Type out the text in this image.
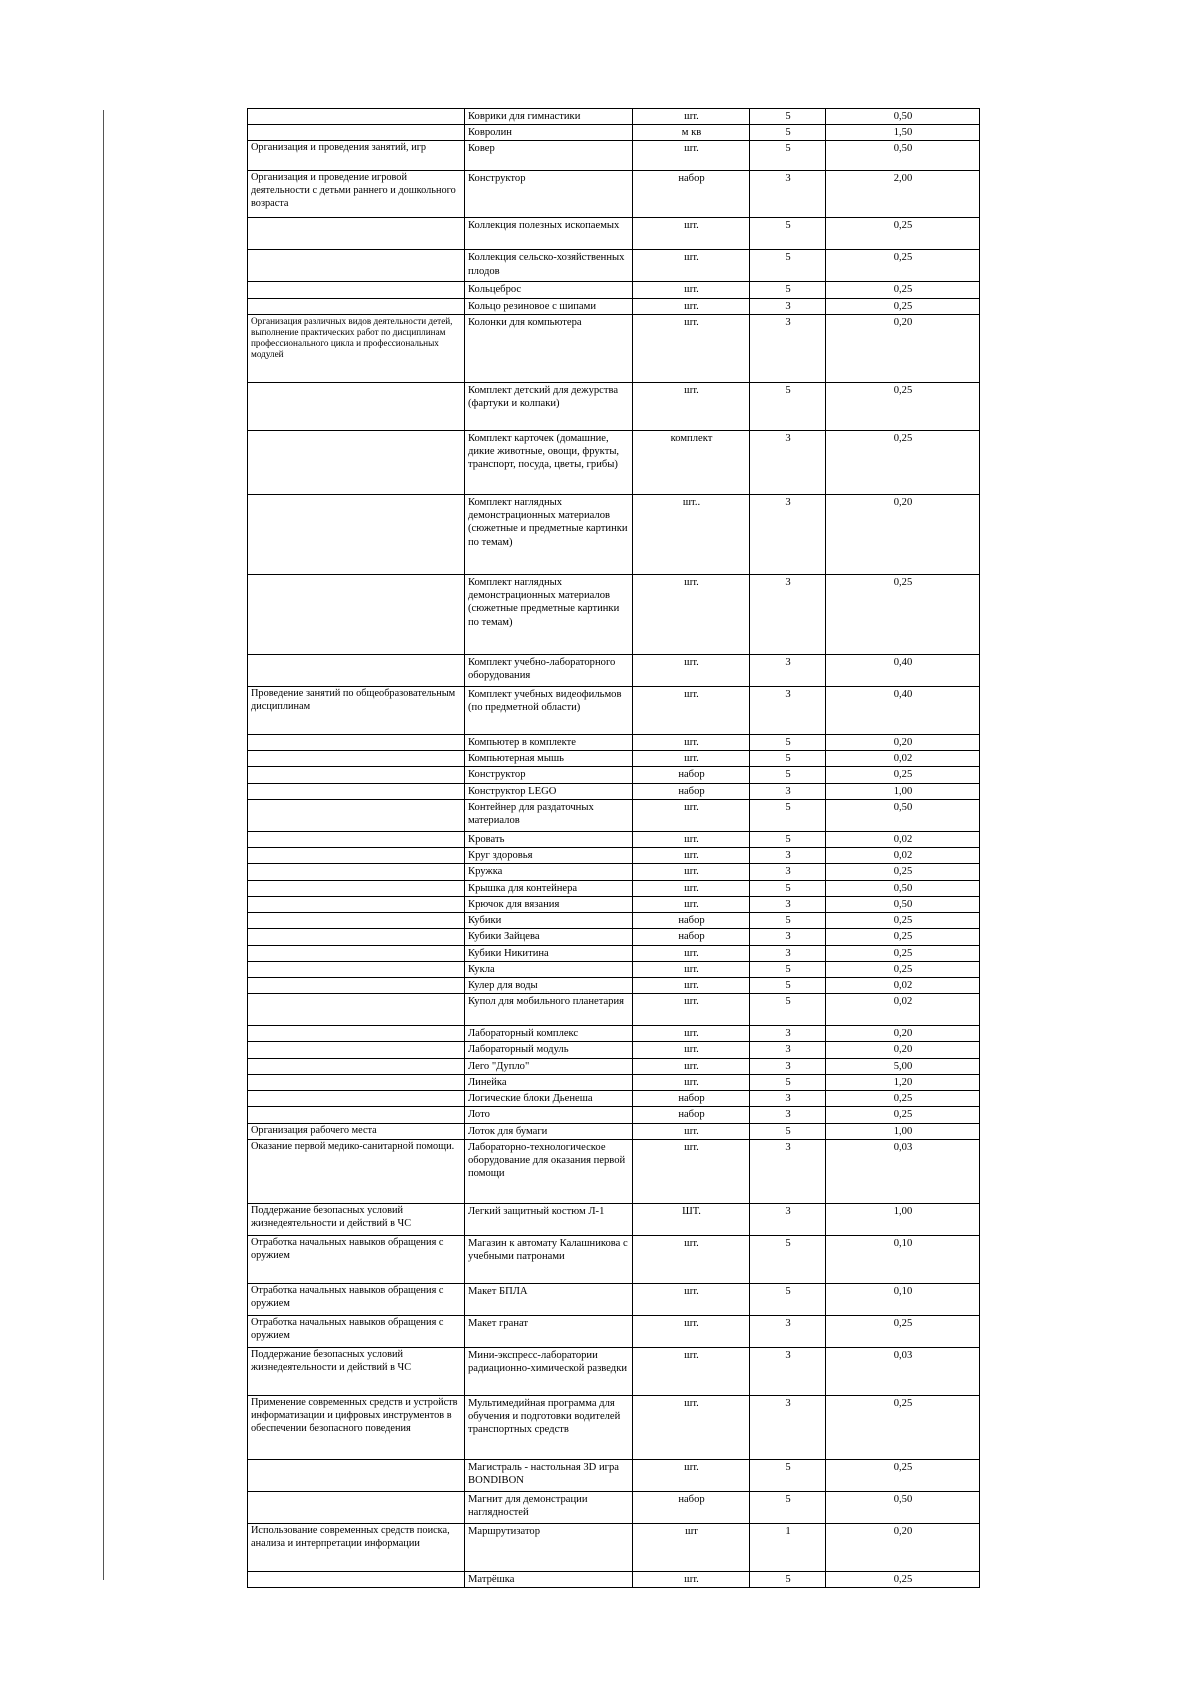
	Коврики для гимнастики	шт.	5	0,50
	Ковролин	м кв	5	1,50
Организация и проведения занятий, игр	Ковер	шт.	5	0,50
Организация и проведение игровой деятельности с детьми раннего и дошкольного возраста	Конструктор	набор	3	2,00
	Коллекция полезных ископаемых	шт.	5	0,25
	Коллекция сельско-хозяйственных плодов	шт.	5	0,25
	Кольцеброс	шт.	5	0,25
	Кольцо резиновое с шипами	шт.	3	0,25
Организация различных видов деятельности детей, выполнение практических работ по дисциплинам профессионального цикла и профессиональных модулей	Колонки для компьютера	шт.	3	0,20
	Комплект детский для дежурства (фартуки и колпаки)	шт.	5	0,25
	Комплект карточек (домашние, дикие животные, овощи, фрукты, транспорт, посуда, цветы, грибы)	комплект	3	0,25
	Комплект наглядных демонстрационных материалов (сюжетные и предметные картинки по темам)	шт..	3	0,20
	Комплект наглядных демонстрационных материалов (сюжетные предметные картинки по темам)	шт.	3	0,25
	Комплект учебно-лабораторного оборудования	шт.	3	0,40
Проведение занятий по общеобразовательным дисциплинам	Комплект учебных видеофильмов (по предметной области)	шт.	3	0,40
	Компьютер в комплекте	шт.	5	0,20
	Компьютерная мышь	шт.	5	0,02
	Конструктор	набор	5	0,25
	Конструктор LEGO	набор	3	1,00
	Контейнер для раздаточных материалов	шт.	5	0,50
	Кровать	шт.	5	0,02
	Круг здоровья	шт.	3	0,02
	Кружка	шт.	3	0,25
	Крышка для контейнера	шт.	5	0,50
	Крючок для вязания	шт.	3	0,50
	Кубики	набор	5	0,25
	Кубики Зайцева	набор	3	0,25
	Кубики Никитина	шт.	3	0,25
	Кукла	шт.	5	0,25
	Кулер для воды	шт.	5	0,02
	Купол для мобильного планетария	шт.	5	0,02
	Лабораторный комплекс	шт.	3	0,20
	Лабораторный модуль	шт.	3	0,20
	Лего "Дупло"	шт.	3	5,00
	Линейка	шт.	5	1,20
	Логические блоки Дьенеша	набор	3	0,25
	Лото	набор	3	0,25
Организация рабочего места	Лоток для бумаги	шт.	5	1,00
Оказание первой медико-санитарной помощи.	Лабораторно-технологическое оборудование для оказания первой помощи	шт.	3	0,03
Поддержание безопасных условий жизнедеятельности и действий в ЧС	Легкий защитный костюм Л-1	ШТ.	3	1,00
Отработка начальных навыков обращения с оружием	Магазин к автомату Калашникова с учебными патронами	шт.	5	0,10
Отработка начальных навыков обращения с оружием	Макет БПЛА	шт.	5	0,10
Отработка начальных навыков обращения с оружием	Макет гранат	шт.	3	0,25
Поддержание безопасных условий жизнедеятельности и действий в ЧС	Мини-экспресс-лаборатории радиационно-химической разведки	шт.	3	0,03
Применение современных средств и устройств информатизации и цифровых инструментов в обеспечении безопасного поведения	Мультимедийная программа для обучения и подготовки водителей транспортных средств	шт.	3	0,25
	Магистраль - настольная 3D игра BONDIBON	шт.	5	0,25
	Магнит для демонстрации наглядностей	набор	5	0,50
Использование современных средств поиска, анализа и интерпретации информации	Маршрутизатор	шт	1	0,20
	Матрёшка	шт.	5	0,25
